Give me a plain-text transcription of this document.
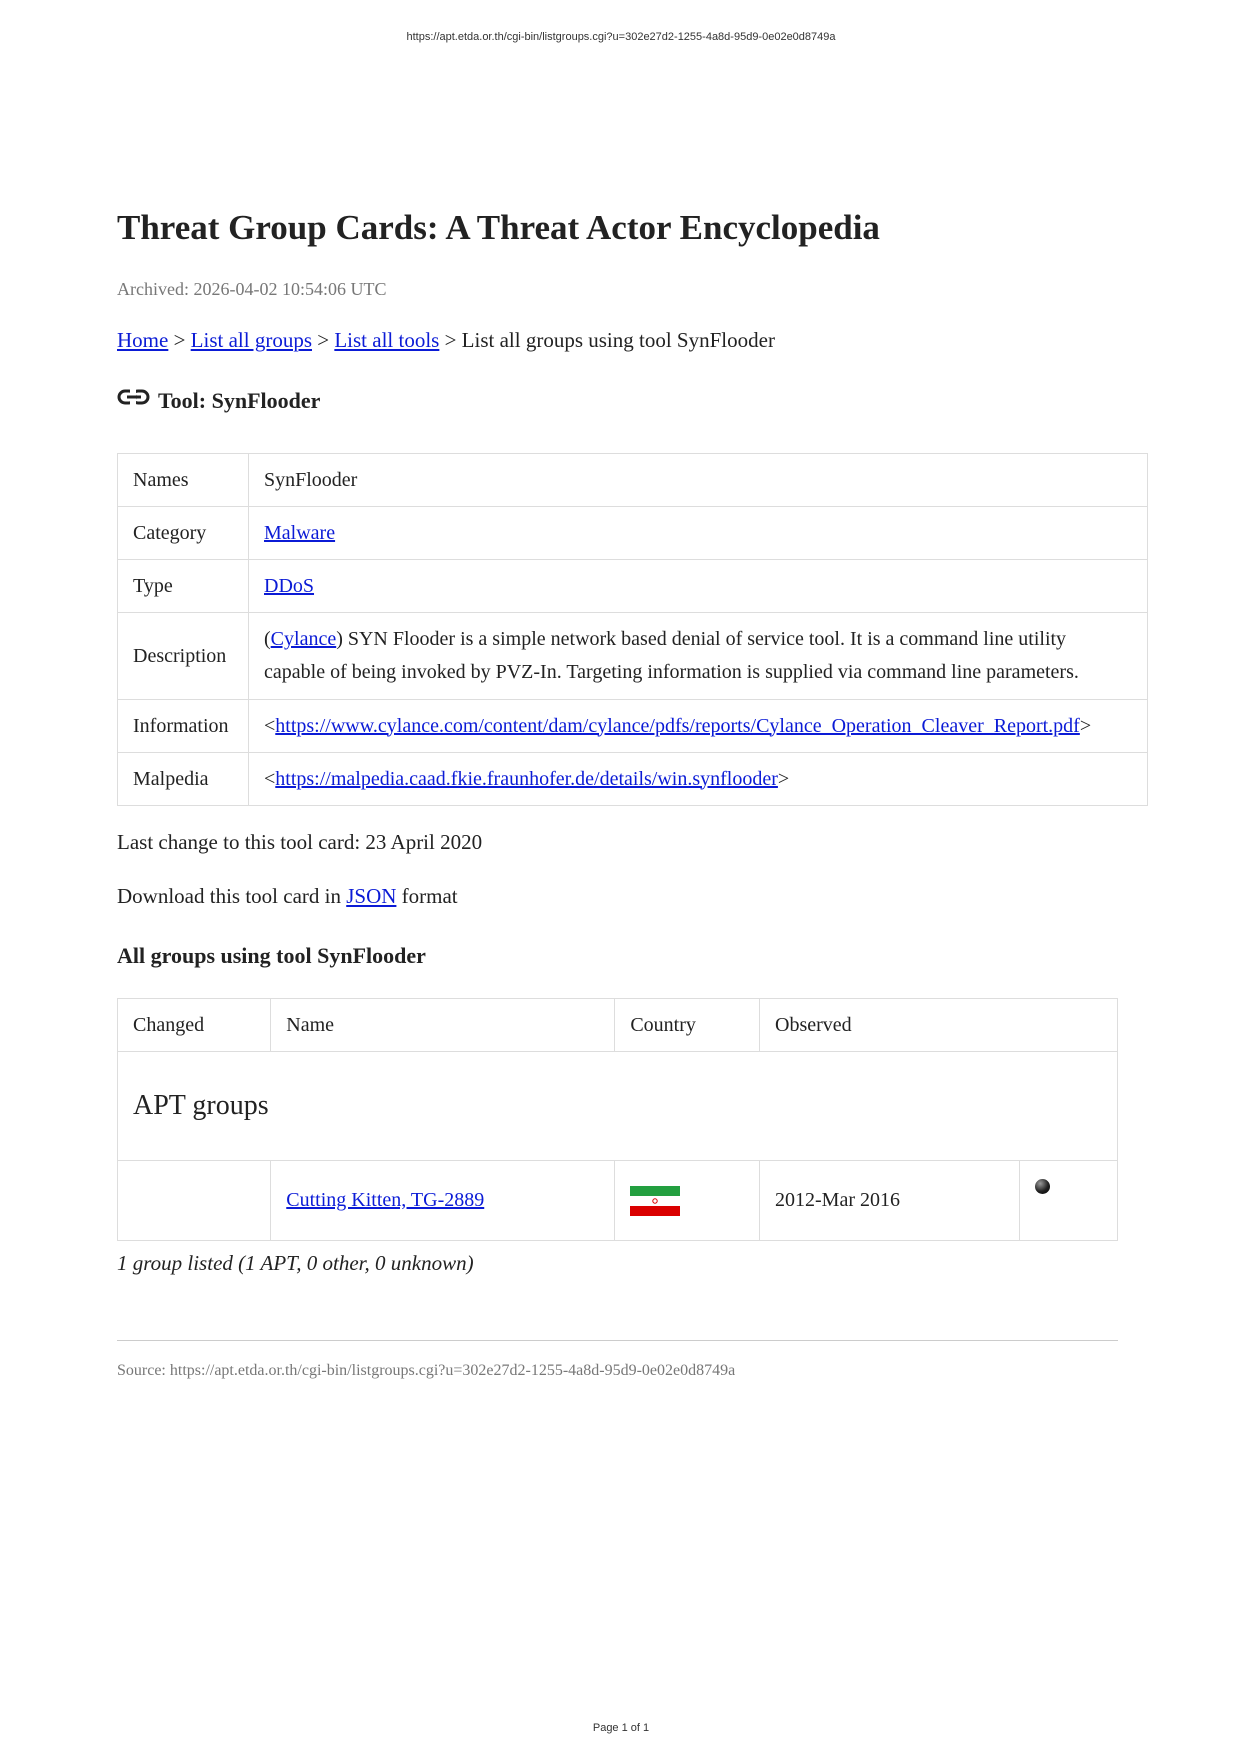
https://apt.etda.or.th/cgi-bin/listgroups.cgi?u=302e27d2-1255-4a8d-95d9-0e02e0d8749a
Threat Group Cards: A Threat Actor Encyclopedia
Archived: 2026-04-02 10:54:06 UTC
Home > List all groups > List all tools > List all groups using tool SynFlooder
Tool: SynFlooder
Names	SynFlooder
Category	Malware
Type	DDoS
Description	(Cylance) SYN Flooder is a simple network based denial of service tool. It is a command line utility capable of being invoked by PVZ-In. Targeting information is supplied via command line parameters.
Information	<https://www.cylance.com/content/dam/cylance/pdfs/reports/Cylance_Operation_Cleaver_Report.pdf>
Malpedia	<https://malpedia.caad.fkie.fraunhofer.de/details/win.synflooder>
Last change to this tool card: 23 April 2020
Download this tool card in JSON format
All groups using tool SynFlooder
Changed	Name	Country	Observed	
APT groups				
	Cutting Kitten, TG-2889		2012-Mar 2016	
1 group listed (1 APT, 0 other, 0 unknown)
Source: https://apt.etda.or.th/cgi-bin/listgroups.cgi?u=302e27d2-1255-4a8d-95d9-0e02e0d8749a
Page 1 of 1
